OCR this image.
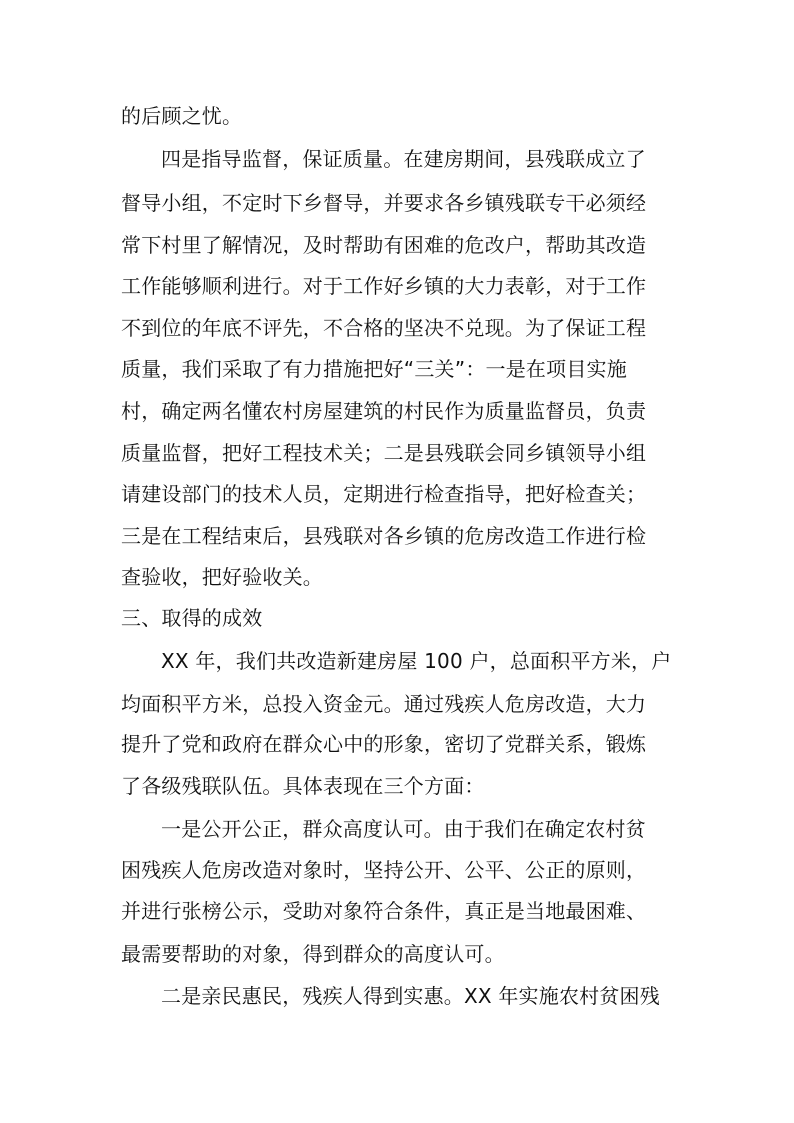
的后顾之忧。
四是指导监督，保证质量。在建房期间，县残联成立了
督导小组，不定时下乡督导，并要求各乡镇残联专干必须经
常下村里了解情况，及时帮助有困难的危改户，帮助其改造
工作能够顺利进行。对于工作好乡镇的大力表彰，对于工作
不到位的年底不评先，不合格的坚决不兑现。为了保证工程
质量，我们采取了有力措施把好“三关”：一是在项目实施
村，确定两名懂农村房屋建筑的村民作为质量监督员，负责
质量监督，把好工程技术关；二是县残联会同乡镇领导小组
请建设部门的技术人员，定期进行检查指导，把好检查关；
三是在工程结束后，县残联对各乡镇的危房改造工作进行检
查验收，把好验收关。
三、取得的成效
XX 年，我们共改造新建房屋 100 户，总面积平方米，户
均面积平方米，总投入资金元。通过残疾人危房改造，大力
提升了党和政府在群众心中的形象，密切了党群关系，锻炼
了各级残联队伍。具体表现在三个方面：
一是公开公正，群众高度认可。由于我们在确定农村贫
困残疾人危房改造对象时，坚持公开、公平、公正的原则，
并进行张榜公示，受助对象符合条件，真正是当地最困难、
最需要帮助的对象，得到群众的高度认可。
二是亲民惠民，残疾人得到实惠。XX 年实施农村贫困残
